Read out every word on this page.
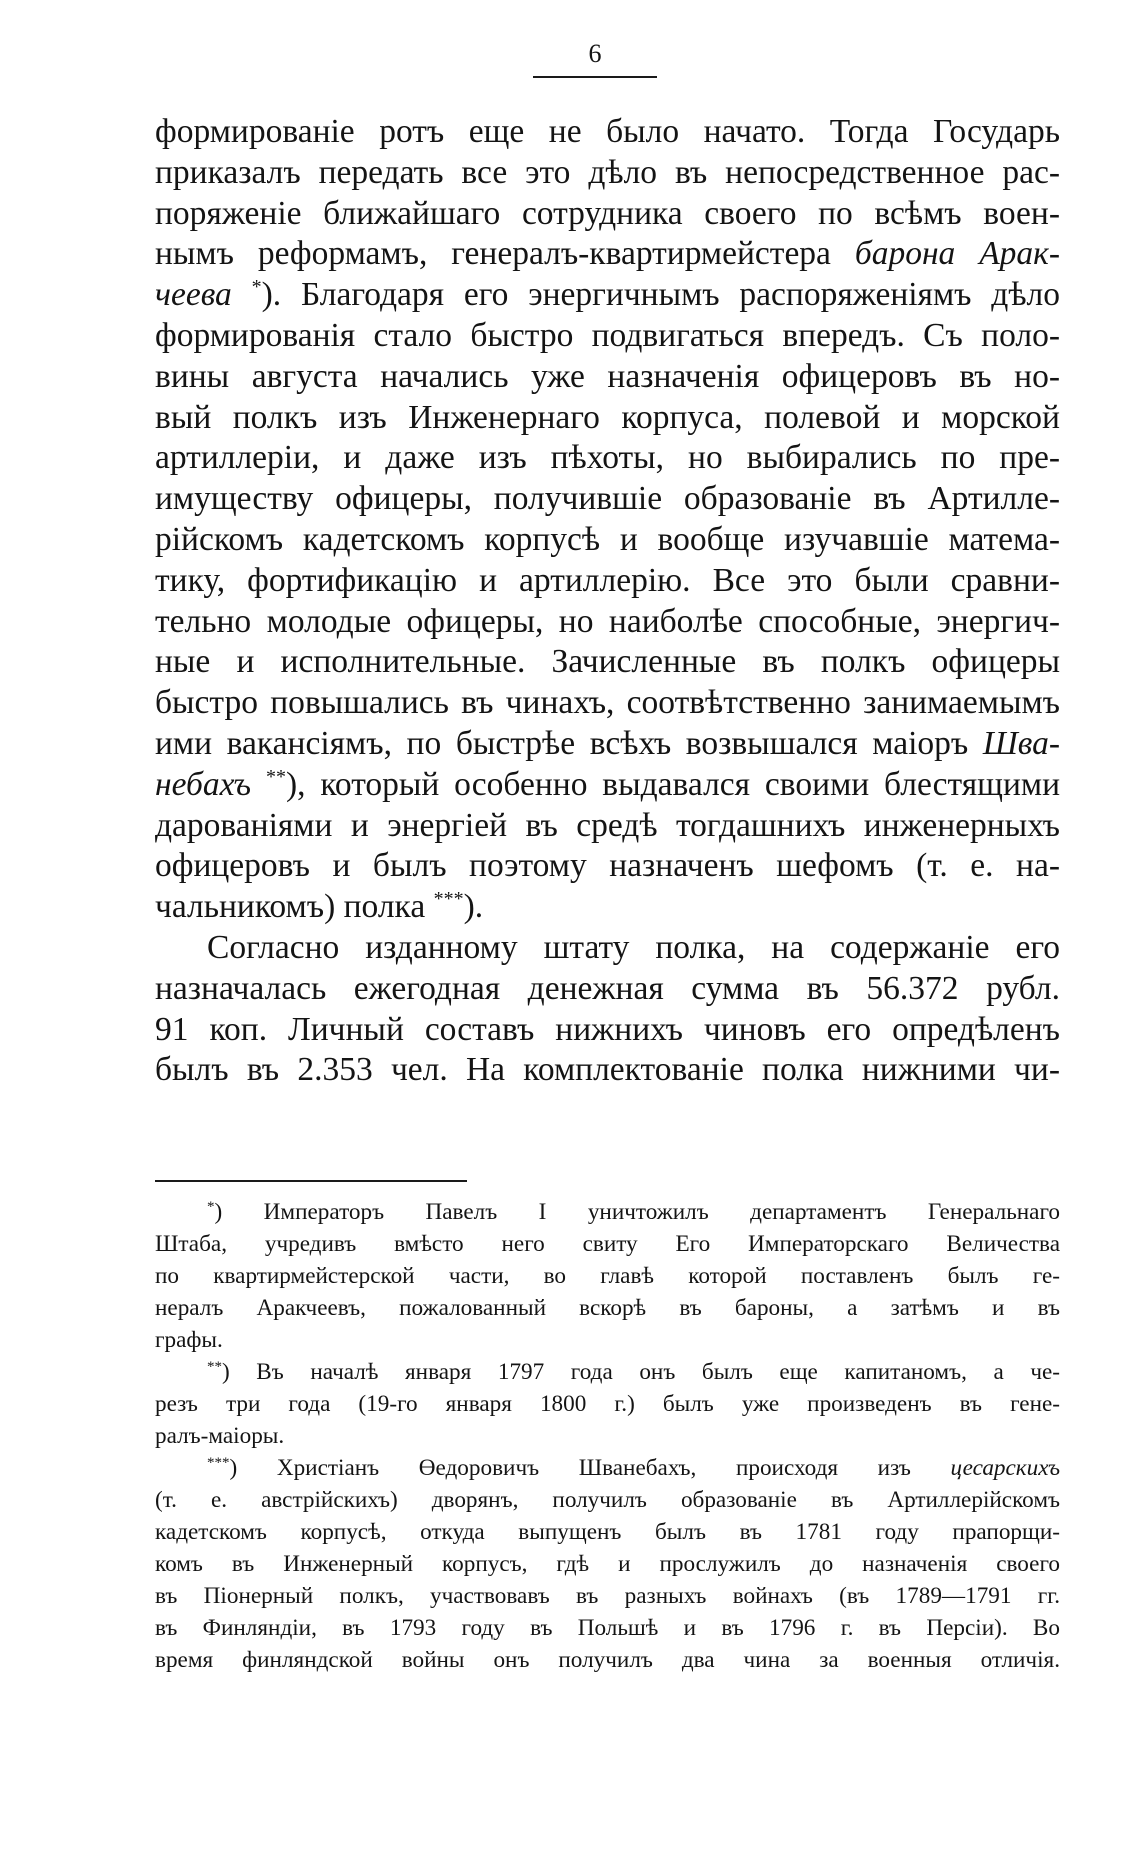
6

формированіе ротъ еще не было начато. Тогда Государь
приказалъ передать все это дѣло въ непосредственное рас-
поряженіе ближайшаго сотрудника своего по всѣмъ воен-
нымъ реформамъ, генералъ-квартирмейстера барона Арак-
чеева *). Благодаря его энергичнымъ распоряженіямъ дѣло
формированія стало быстро подвигаться впередъ. Съ поло-
вины августа начались уже назначенія офицеровъ въ но-
вый полкъ изъ Инженернаго корпуса, полевой и морской
артиллеріи, и даже изъ пѣхоты, но выбирались по пре-
имуществу офицеры, получившіе образованіе въ Артилле-
рійскомъ кадетскомъ корпусѣ и вообще изучавшіе матема-
тику, фортификацію и артиллерію. Все это были сравни-
тельно молодые офицеры, но наиболѣе способные, энергич-
ные и исполнительные. Зачисленные въ полкъ офицеры
быстро повышались въ чинахъ, соотвѣтственно занимаемымъ
ими вакансіямъ, по быстрѣе всѣхъ возвышался маіоръ Шва-
небахъ **), который особенно выдавался своими блестящими
дарованіями и энергіей въ средѣ тогдашнихъ инженерныхъ
офицеровъ и былъ поэтому назначенъ шефомъ (т. е. на-
чальникомъ) полка ***).

Согласно изданному штату полка, на содержаніе его
назначалась ежегодная денежная сумма въ 56.372 рубл.
91 коп. Личный составъ нижнихъ чиновъ его опредѣленъ
былъ въ 2.353 чел. На комплектованіе полка нижними чи-

*) Императоръ Павелъ I уничтожилъ департаментъ Генеральнаго
Штаба, учредивъ вмѣсто него свиту Его Императорскаго Величества
по квартирмейстерской части, во главѣ которой поставленъ былъ ге-
нералъ Аракчеевъ, пожалованный вскорѣ въ бароны, а затѣмъ и въ
графы.
**) Въ началѣ января 1797 года онъ былъ еще капитаномъ, а че-
резъ три года (19-го января 1800 г.) былъ уже произведенъ въ гене-
ралъ-маіоры.
***) Христіанъ Өедоровичъ Шванебахъ, происходя изъ цесарскихъ
(т. е. австрійскихъ) дворянъ, получилъ образованіе въ Артиллерійскомъ
кадетскомъ корпусѣ, откуда выпущенъ былъ въ 1781 году прапорщи-
комъ въ Инженерный корпусъ, гдѣ и прослужилъ до назначенія своего
въ Піонерный полкъ, участвовавъ въ разныхъ войнахъ (въ 1789—1791 гг.
въ Финляндіи, въ 1793 году въ Польшѣ и въ 1796 г. въ Персіи). Во
время финляндской войны онъ получилъ два чина за военныя отличія.
